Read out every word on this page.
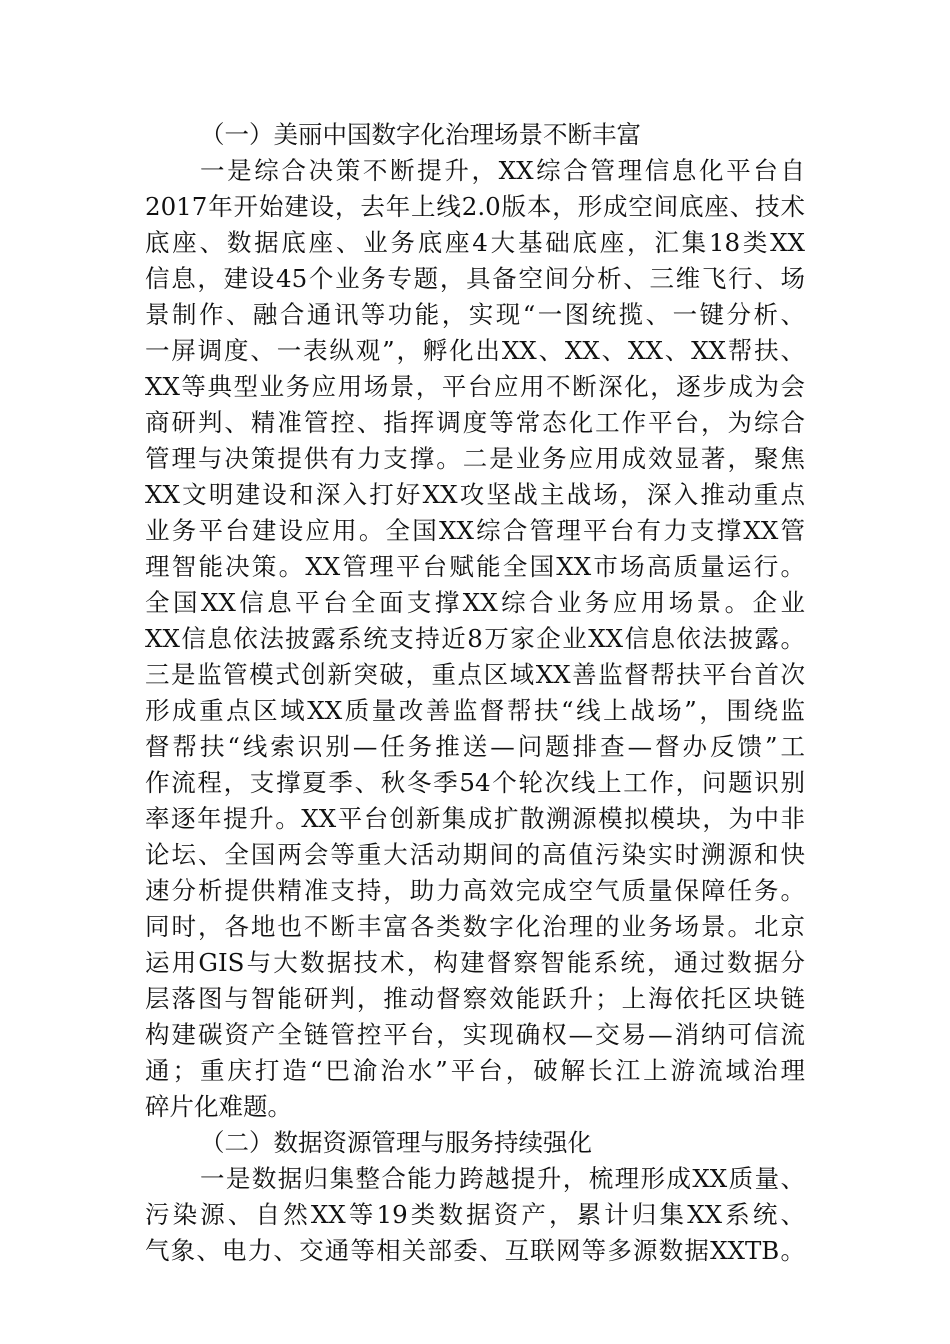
（一）美丽中国数字化治理场景不断丰富

一是综合决策不断提升，XX综合管理信息化平台自

2017年开始建设，去年上线2.0版本，形成空间底座、技术

底座、数据底座、业务底座4大基础底座，汇集18类XX

信息，建设45个业务专题，具备空间分析、三维飞行、场

景制作、融合通讯等功能，实现“一图统揽、一键分析、

一屏调度、一表纵观”，孵化出XX、XX、XX、XX帮扶、

XX等典型业务应用场景，平台应用不断深化，逐步成为会

商研判、精准管控、指挥调度等常态化工作平台，为综合

管理与决策提供有力支撑。二是业务应用成效显著，聚焦

XX文明建设和深入打好XX攻坚战主战场，深入推动重点

业务平台建设应用。全国XX综合管理平台有力支撑XX管

理智能决策。XX管理平台赋能全国XX市场高质量运行。

全国XX信息平台全面支撑XX综合业务应用场景。企业

XX信息依法披露系统支持近8万家企业XX信息依法披露。

三是监管模式创新突破，重点区域XX善监督帮扶平台首次

形成重点区域XX质量改善监督帮扶“线上战场”，围绕监

督帮扶“线索识别—任务推送—问题排查—督办反馈”工

作流程，支撑夏季、秋冬季54个轮次线上工作，问题识别

率逐年提升。XX平台创新集成扩散溯源模拟模块，为中非

论坛、全国两会等重大活动期间的高值污染实时溯源和快

速分析提供精准支持，助力高效完成空气质量保障任务。

同时，各地也不断丰富各类数字化治理的业务场景。北京

运用GIS与大数据技术，构建督察智能系统，通过数据分

层落图与智能研判，推动督察效能跃升；上海依托区块链

构建碳资产全链管控平台，实现确权—交易—消纳可信流

通；重庆打造“巴渝治水”平台，破解长江上游流域治理

碎片化难题。

（二）数据资源管理与服务持续强化

一是数据归集整合能力跨越提升，梳理形成XX质量、

污染源、自然XX等19类数据资产，累计归集XX系统、

气象、电力、交通等相关部委、互联网等多源数据XXTB。
